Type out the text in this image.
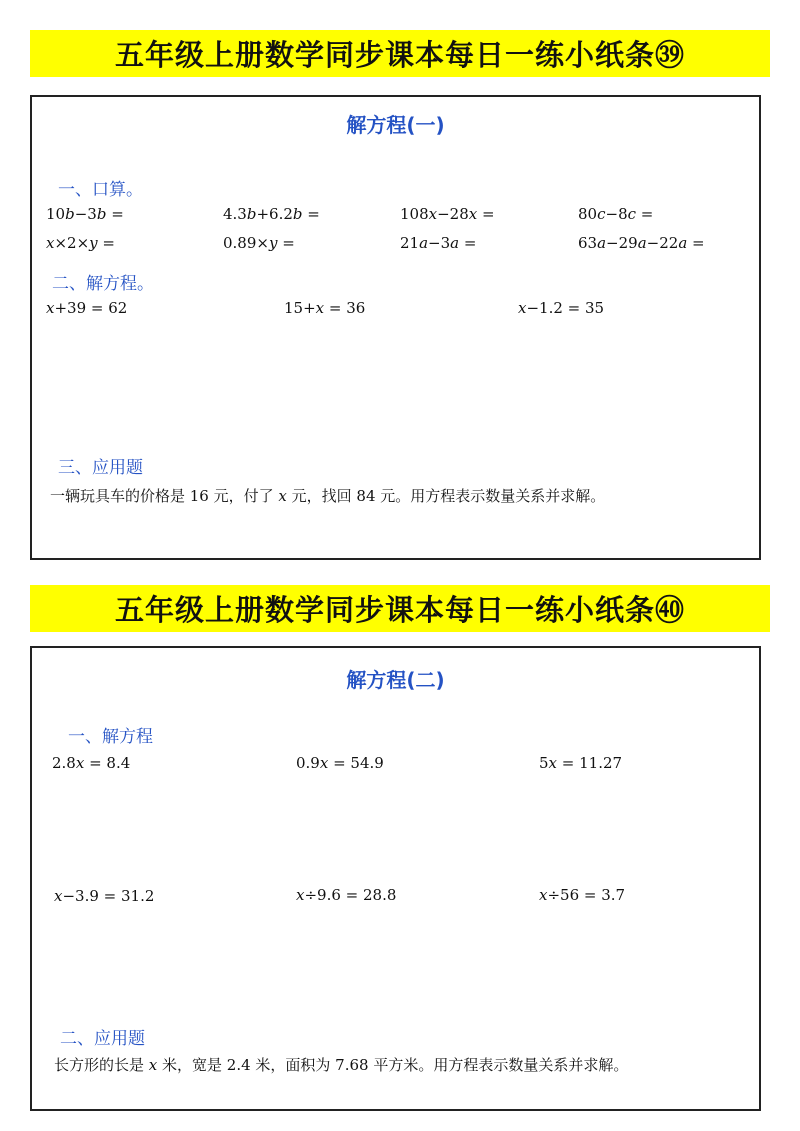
五年级上册数学同步课本每日一练小纸条㊴
解方程(一)
一、口算。
10b−3b =	4.3b+6.2b =	108x−28x =	80c−8c =
x×2×y =	0.89×y =	21a−3a =	63a−29a−22a =
二、解方程。
x+39 = 62	15+x = 36	x−1.2 = 35
三、应用题
一辆玩具车的价格是 16 元，付了 x 元，找回 84 元。用方程表示数量关系并求解。
五年级上册数学同步课本每日一练小纸条㊵
解方程(二)
一、解方程
2.8x = 8.4	0.9x = 54.9	5x = 11.27
x−3.9 = 31.2	x÷9.6 = 28.8	x÷56 = 3.7
二、应用题
长方形的长是 x 米，宽是 2.4 米，面积为 7.68 平方米。用方程表示数量关系并求解。
